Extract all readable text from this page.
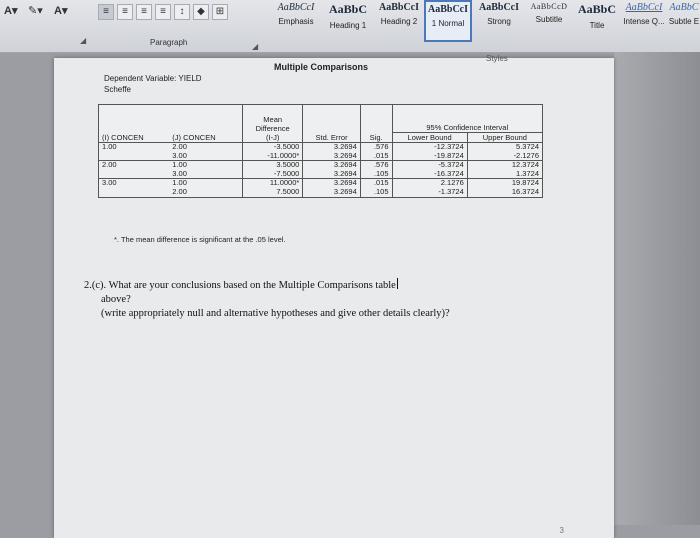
A▾ ✎▾ A▾	≡	≡	≡	≡	↕	◆	⊞
◢	Paragraph	◢
AaBbCcI
Emphasis
AaBbC
Heading 1
AaBbCcI
Heading 2
AaBbCcI
1 Normal
AaBbCcI
Strong
AaBbCcD
Subtitle
AaBbC
Title
AaBbCcI
Intense Q...
AaBbC
Subtle E
Styles
Multiple Comparisons
Dependent Variable: YIELD
Scheffe
(I) CONCEN	(J) CONCEN	Mean
Difference
(I-J)	Std. Error	Sig.	95% Confidence Interval	
					Lower Bound	Upper Bound
1.00	2.00	-3.5000	3.2694	.576	-12.3724	5.3724
	3.00	-11.0000*	3.2694	.015	-19.8724	-2.1276
2.00	1.00	3.5000	3.2694	.576	-5.3724	12.3724
	3.00	-7.5000	3.2694	.105	-16.3724	1.3724
3.00	1.00	11.0000*	3.2694	.015	2.1276	19.8724
	2.00	7.5000	3.2694	.105	-1.3724	16.3724
*. The mean difference is significant at the .05 level.
2.(c). What are your conclusions based on the Multiple Comparisons table
above?
(write appropriately null and alternative hypotheses and give other details clearly)?
3
